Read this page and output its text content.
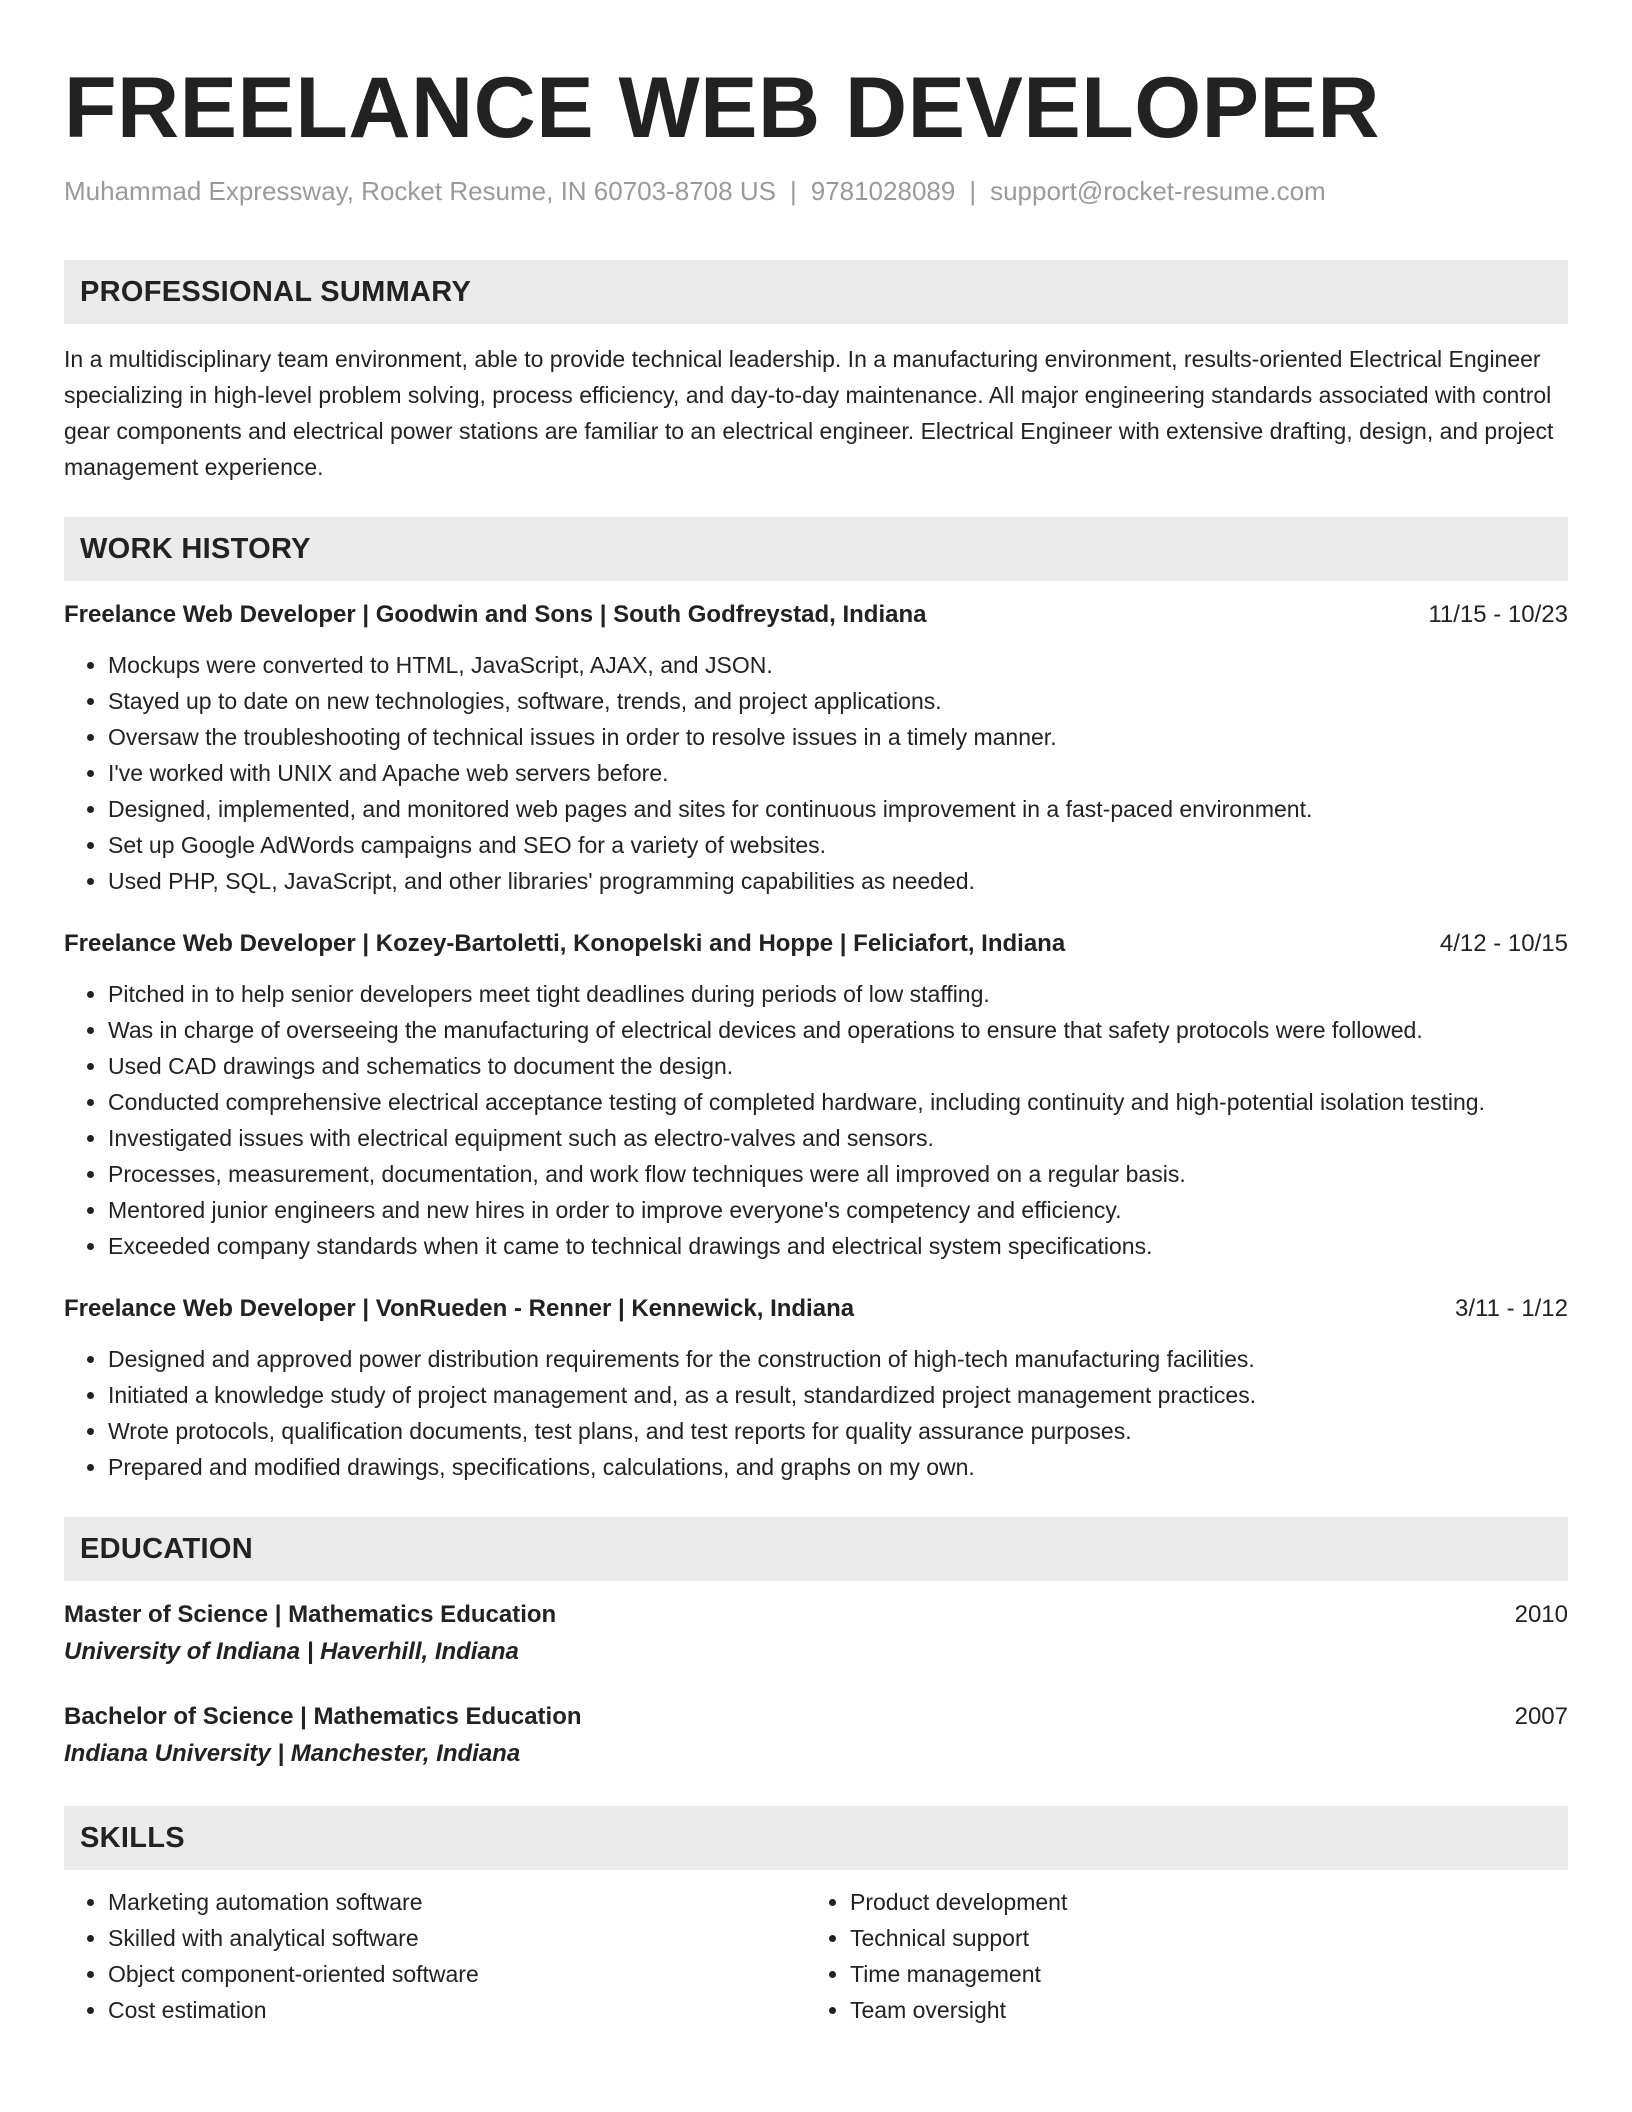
FREELANCE WEB DEVELOPER
Muhammad Expressway, Rocket Resume, IN 60703-8708 US | 9781028089 | support@rocket-resume.com
PROFESSIONAL SUMMARY
In a multidisciplinary team environment, able to provide technical leadership. In a manufacturing environment, results-oriented Electrical Engineer specializing in high-level problem solving, process efficiency, and day-to-day maintenance. All major engineering standards associated with control gear components and electrical power stations are familiar to an electrical engineer. Electrical Engineer with extensive drafting, design, and project management experience.
WORK HISTORY
Freelance Web Developer | Goodwin and Sons | South Godfreystad, Indiana	11/15 - 10/23
• Mockups were converted to HTML, JavaScript, AJAX, and JSON.
• Stayed up to date on new technologies, software, trends, and project applications.
• Oversaw the troubleshooting of technical issues in order to resolve issues in a timely manner.
• I've worked with UNIX and Apache web servers before.
• Designed, implemented, and monitored web pages and sites for continuous improvement in a fast-paced environment.
• Set up Google AdWords campaigns and SEO for a variety of websites.
• Used PHP, SQL, JavaScript, and other libraries' programming capabilities as needed.
Freelance Web Developer | Kozey-Bartoletti, Konopelski and Hoppe | Feliciafort, Indiana	4/12 - 10/15
• Pitched in to help senior developers meet tight deadlines during periods of low staffing.
• Was in charge of overseeing the manufacturing of electrical devices and operations to ensure that safety protocols were followed.
• Used CAD drawings and schematics to document the design.
• Conducted comprehensive electrical acceptance testing of completed hardware, including continuity and high-potential isolation testing.
• Investigated issues with electrical equipment such as electro-valves and sensors.
• Processes, measurement, documentation, and work flow techniques were all improved on a regular basis.
• Mentored junior engineers and new hires in order to improve everyone's competency and efficiency.
• Exceeded company standards when it came to technical drawings and electrical system specifications.
Freelance Web Developer | VonRueden - Renner | Kennewick, Indiana	3/11 - 1/12
• Designed and approved power distribution requirements for the construction of high-tech manufacturing facilities.
• Initiated a knowledge study of project management and, as a result, standardized project management practices.
• Wrote protocols, qualification documents, test plans, and test reports for quality assurance purposes.
• Prepared and modified drawings, specifications, calculations, and graphs on my own.
EDUCATION
Master of Science | Mathematics Education	2010
University of Indiana | Haverhill, Indiana
Bachelor of Science | Mathematics Education	2007
Indiana University | Manchester, Indiana
SKILLS
• Marketing automation software
• Skilled with analytical software
• Object component-oriented software
• Cost estimation
• Product development
• Technical support
• Time management
• Team oversight
